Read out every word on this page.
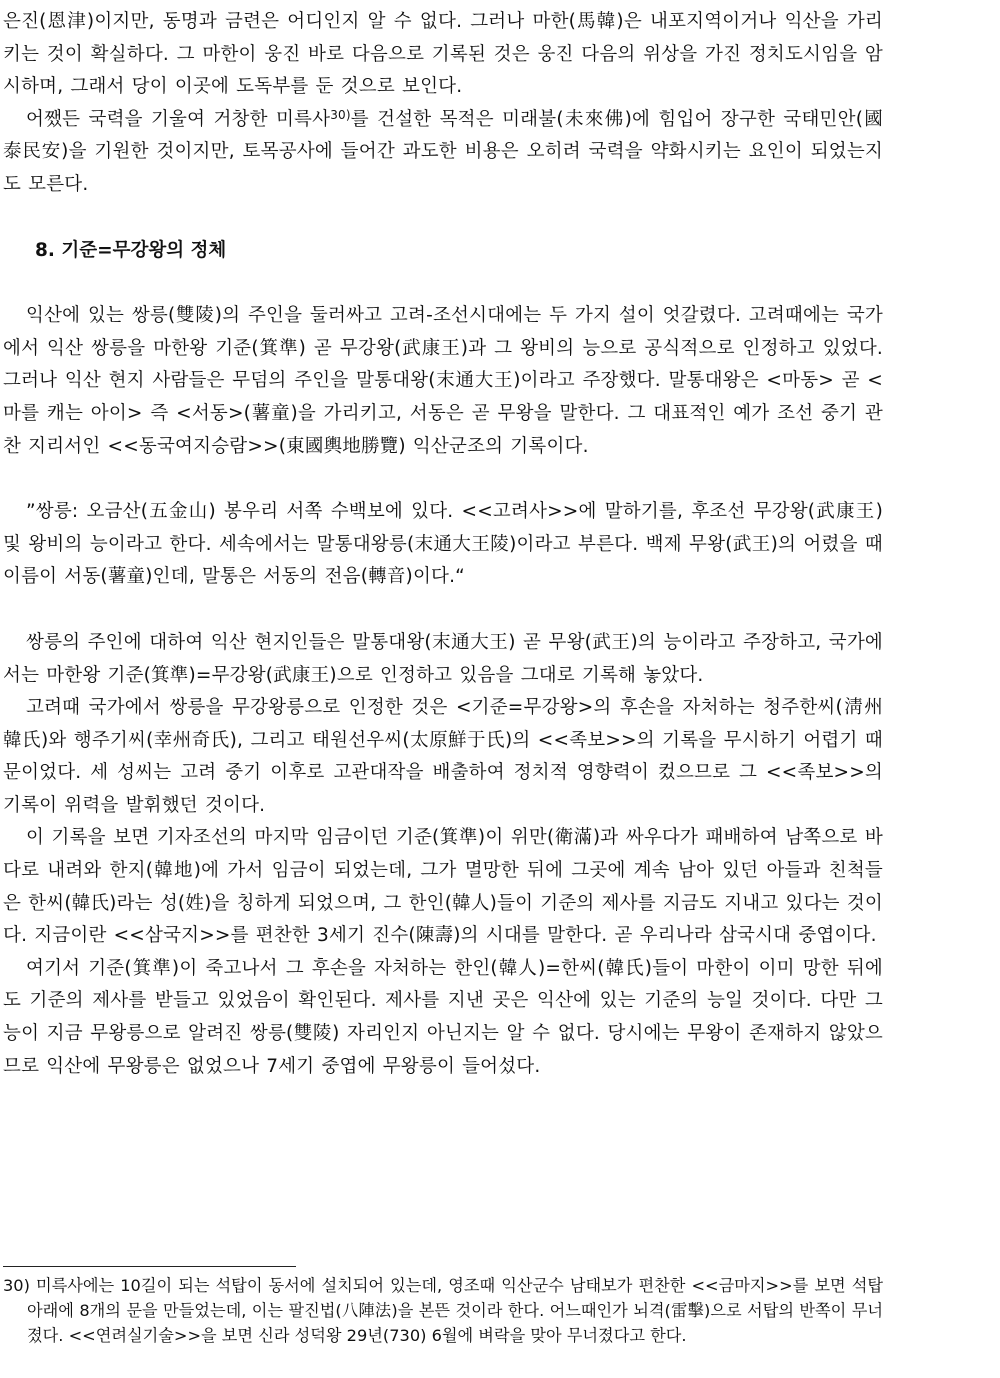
은진(恩津)이지만, 동명과 금련은 어디인지 알 수 없다. 그러나 마한(馬韓)은 내포지역이거나 익산을 가리키는 것이 확실하다. 그 마한이 웅진 바로 다음으로 기록된 것은 웅진 다음의 위상을 가진 정치도시임을 암시하며, 그래서 당이 이곳에 도독부를 둔 것으로 보인다.

어쨌든 국력을 기울여 거창한 미륵사$^{30)}$를 건설한 목적은 미래불(未來佛)에 힘입어 장구한 국태민안(國泰民安)을 기원한 것이지만, 토목공사에 들어간 과도한 비용은 오히려 국력을 약화시키는 요인이 되었는지도 모른다.

8. 기준=무강왕의 정체

익산에 있는 쌍릉(雙陵)의 주인을 둘러싸고 고려-조선시대에는 두 가지 설이 엇갈렸다. 고려때에는 국가에서 익산 쌍릉을 마한왕 기준(箕準) 곧 무강왕(武康王)과 그 왕비의 능으로 공식적으로 인정하고 있었다. 그러나 익산 현지 사람들은 무덤의 주인을 말통대왕(末通大王)이라고 주장했다. 말통대왕은 <마동> 곧 <마를 캐는 아이> 즉 <서동>(薯童)을 가리키고, 서동은 곧 무왕을 말한다. 그 대표적인 예가 조선 중기 관찬 지리서인 <<동국여지승람>>(東國輿地勝覽) 익산군조의 기록이다.

”쌍릉: 오금산(五金山) 봉우리 서쪽 수백보에 있다. <<고려사>>에 말하기를, 후조선 무강왕(武康王) 및 왕비의 능이라고 한다. 세속에서는 말통대왕릉(末通大王陵)이라고 부른다. 백제 무왕(武王)의 어렸을 때 이름이 서동(薯童)인데, 말통은 서동의 전음(轉音)이다.“

쌍릉의 주인에 대하여 익산 현지인들은 말통대왕(末通大王) 곧 무왕(武王)의 능이라고 주장하고, 국가에서는 마한왕 기준(箕準)=무강왕(武康王)으로 인정하고 있음을 그대로 기록해 놓았다.

고려때 국가에서 쌍릉을 무강왕릉으로 인정한 것은 <기준=무강왕>의 후손을 자처하는 청주한씨(淸州韓氏)와 행주기씨(幸州奇氏), 그리고 태원선우씨(太原鮮于氏)의 <<족보>>의 기록을 무시하기 어렵기 때문이었다. 세 성씨는 고려 중기 이후로 고관대작을 배출하여 정치적 영향력이 컸으므로 그 <<족보>>의 기록이 위력을 발휘했던 것이다.

이 기록을 보면 기자조선의 마지막 임금이던 기준(箕準)이 위만(衛滿)과 싸우다가 패배하여 남쪽으로 바다로 내려와 한지(韓地)에 가서 임금이 되었는데, 그가 멸망한 뒤에 그곳에 계속 남아 있던 아들과 친척들은 한씨(韓氏)라는 성(姓)을 칭하게 되었으며, 그 한인(韓人)들이 기준의 제사를 지금도 지내고 있다는 것이다. 지금이란 <<삼국지>>를 편찬한 3세기 진수(陳壽)의 시대를 말한다. 곧 우리나라 삼국시대 중엽이다.

여기서 기준(箕準)이 죽고나서 그 후손을 자처하는 한인(韓人)=한씨(韓氏)들이 마한이 이미 망한 뒤에도 기준의 제사를 받들고 있었음이 확인된다. 제사를 지낸 곳은 익산에 있는 기준의 능일 것이다. 다만 그 능이 지금 무왕릉으로 알려진 쌍릉(雙陵) 자리인지 아닌지는 알 수 없다. 당시에는 무왕이 존재하지 않았으므로 익산에 무왕릉은 없었으나 7세기 중엽에 무왕릉이 들어섰다.

30) 미륵사에는 10길이 되는 석탑이 동서에 설치되어 있는데, 영조때 익산군수 남태보가 편찬한 <<금마지>>를 보면 석탑 아래에 8개의 문을 만들었는데, 이는 팔진법(八陣法)을 본뜬 것이라 한다. 어느때인가 뇌격(雷擊)으로 서탑의 반쪽이 무너졌다. <<연려실기술>>을 보면 신라 성덕왕 29년(730) 6월에 벼락을 맞아 무너졌다고 한다.
